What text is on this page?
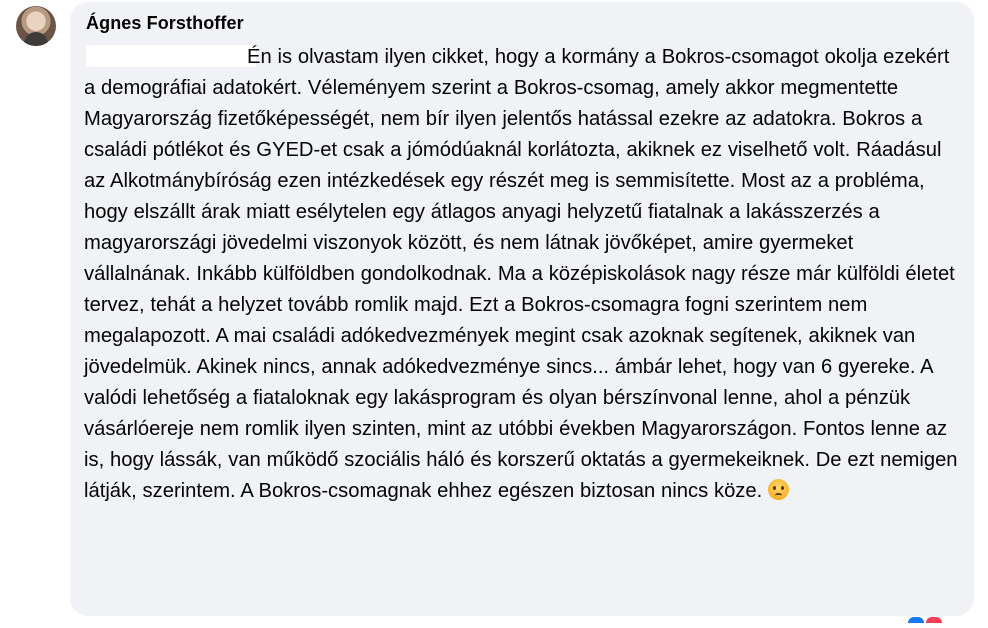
Ágnes Forsthoffer

Én is olvastam ilyen cikket, hogy a kormány a Bokros-csomagot okolja ezekért a demográfiai adatokért. Véleményem szerint a Bokros-csomag, amely akkor megmentette Magyarország fizetőképességét, nem bír ilyen jelentős hatással ezekre az adatokra. Bokros a családi pótlékot és GYED-et csak a jómódúaknál korlátozta, akiknek ez viselhető volt. Ráadásul az Alkotmánybíróság ezen intézkedések egy részét meg is semmisítette. Most az a probléma, hogy elszállt árak miatt esélytelen egy átlagos anyagi helyzetű fiatalnak a lakásszerzés a magyarországi jövedelmi viszonyok között, és nem látnak jövőképet, amire gyermeket vállalnának. Inkább külföldben gondolkodnak. Ma a középiskolások nagy része már külföldi életet tervez, tehát a helyzet tovább romlik majd. Ezt a Bokros-csomagra fogni szerintem nem megalapozott. A mai családi adókedvezmények megint csak azoknak segítenek, akiknek van jövedelmük. Akinek nincs, annak adókedvezménye sincs... ámbár lehet, hogy van 6 gyereke. A valódi lehetőség a fiataloknak egy lakásprogram és olyan bérszínvonal lenne, ahol a pénzük vásárlóereje nem romlik ilyen szinten, mint az utóbbi években Magyarországon. Fontos lenne az is, hogy lássák, van működő szociális háló és korszerű oktatás a gyermekeiknek. De ezt nemigen látják, szerintem. A Bokros-csomagnak ehhez egészen biztosan nincs köze.
